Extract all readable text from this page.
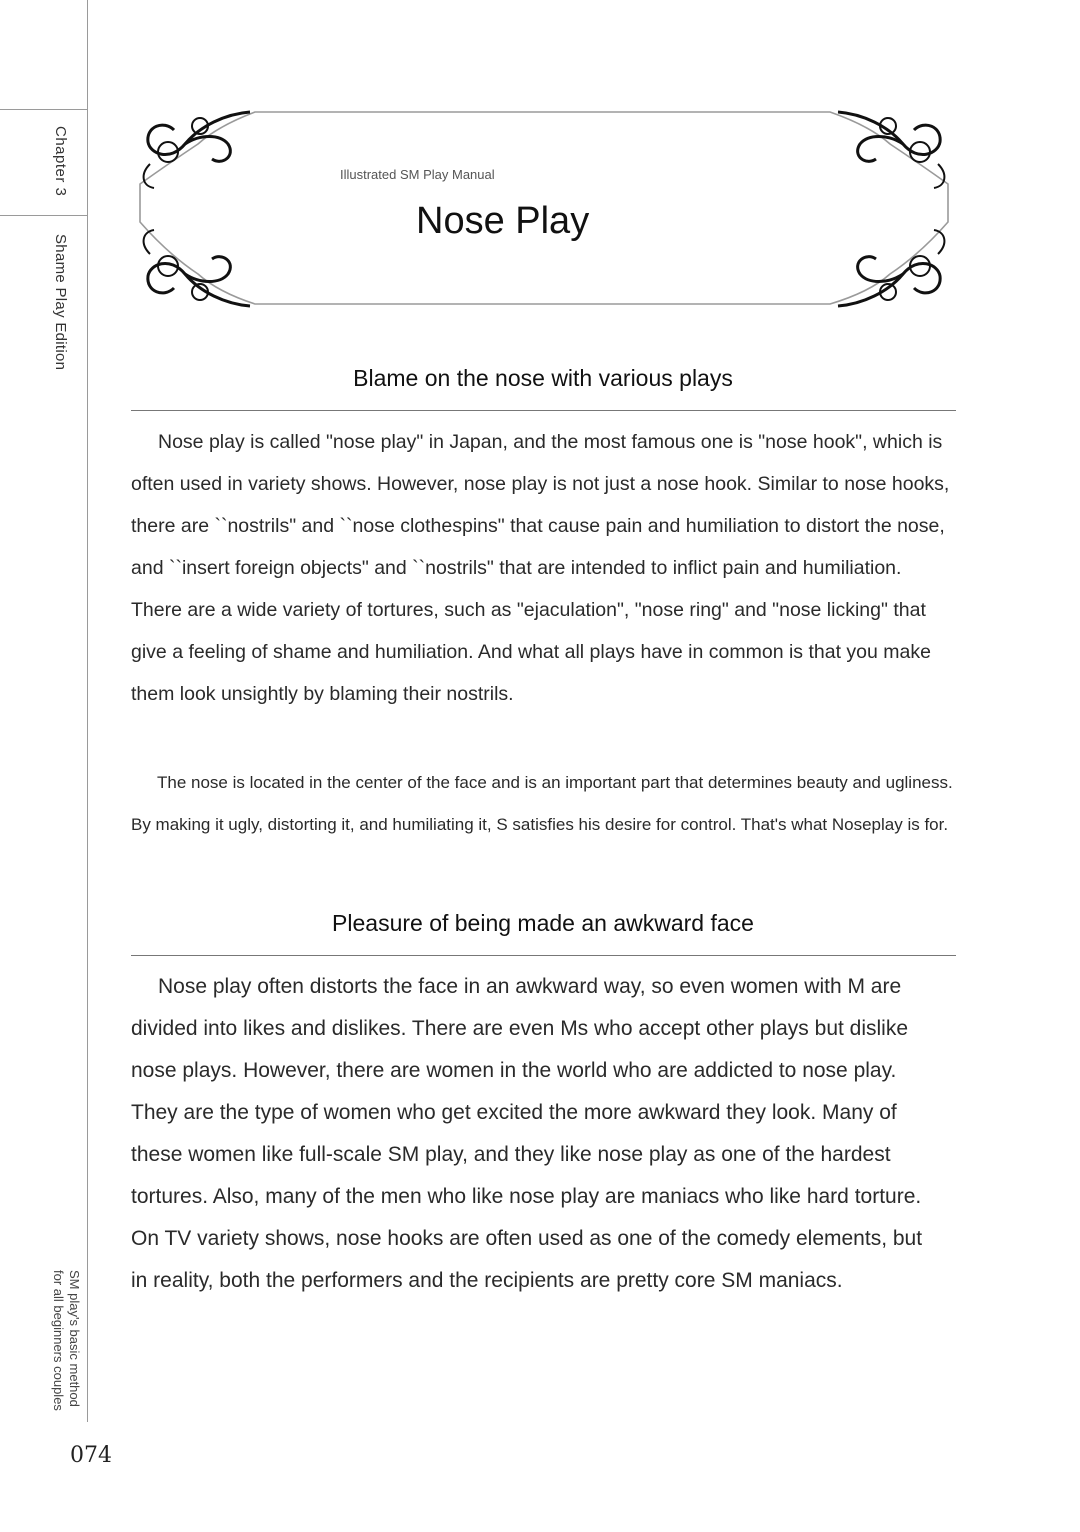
Chapter 3
Shame Play Edition
SM play's basic method
for all beginners couples
074
Illustrated SM Play Manual
Nose Play
Blame on the nose with various plays

Nose play is called "nose play" in Japan, and the most famous one is "nose hook", which is often used in variety shows. However, nose play is not just a nose hook. Similar to nose hooks, there are ``nostrils" and ``nose clothespins" that cause pain and humiliation to distort the nose, and ``insert foreign objects" and ``nostrils" that are intended to inflict pain and humiliation. There are a wide variety of tortures, such as "ejaculation", "nose ring" and "nose licking" that give a feeling of shame and humiliation. And what all plays have in common is that you make them look unsightly by blaming their nostrils.

The nose is located in the center of the face and is an important part that determines beauty and ugliness. By making it ugly, distorting it, and humiliating it, S satisfies his desire for control. That's what Noseplay is for.

Pleasure of being made an awkward face

Nose play often distorts the face in an awkward way, so even women with M are divided into likes and dislikes. There are even Ms who accept other plays but dislike nose plays. However, there are women in the world who are addicted to nose play. They are the type of women who get excited the more awkward they look. Many of these women like full-scale SM play, and they like nose play as one of the hardest tortures. Also, many of the men who like nose play are maniacs who like hard torture. On TV variety shows, nose hooks are often used as one of the comedy elements, but in reality, both the performers and the recipients are pretty core SM maniacs.
